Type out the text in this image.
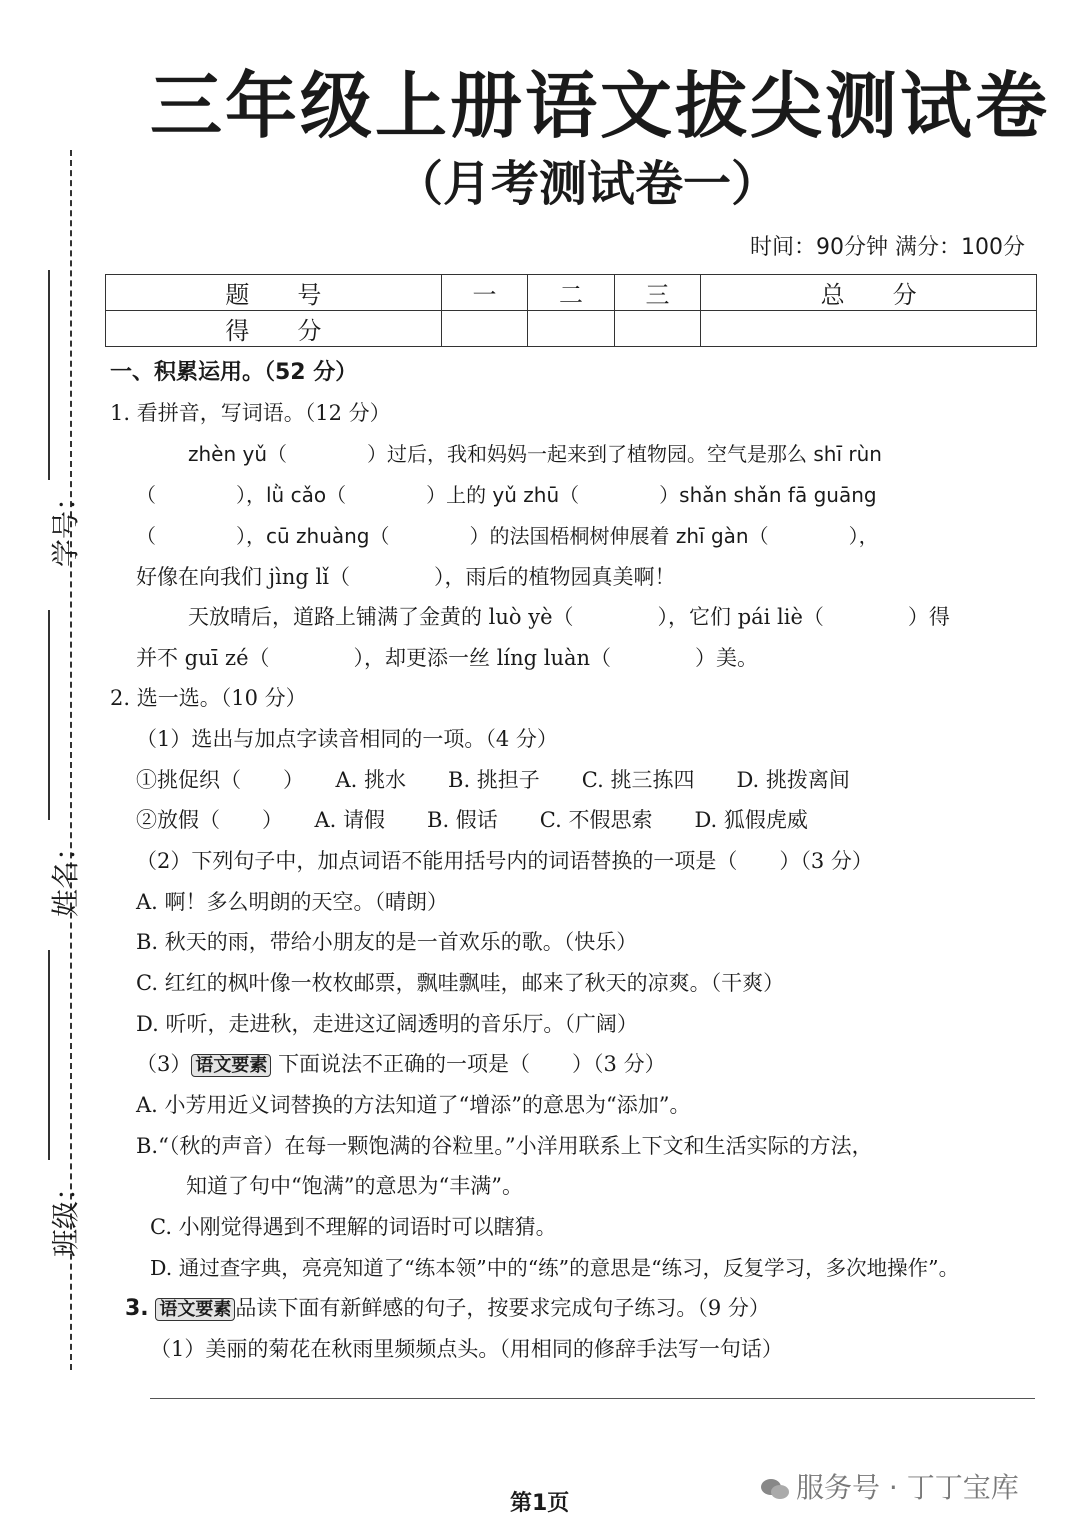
三年级上册语文拔尖测试卷
（月考测试卷一）
时间：90分钟 满分：100分
学号：
姓名：
班级：
题　　号	一	二	三	总　　分
得　　分				
一、积累运用。（52 分）
1. 看拼音，写词语。（12 分）
zhèn yǔ（　　　　）过后，我和妈妈一起来到了植物园。空气是那么 shī rùn
（　　　　），lǜ cǎo（　　　　）上的 yǔ zhū（　　　　）shǎn shǎn fā guāng
（　　　　），cū zhuàng（　　　　）的法国梧桐树伸展着 zhī gàn（　　　　），
好像在向我们 jìng lǐ（　　　　），雨后的植物园真美啊！
天放晴后，道路上铺满了金黄的 luò yè（　　　　），它们 pái liè（　　　　）得
并不 guī zé（　　　　），却更添一丝 líng luàn（　　　　）美。
2. 选一选。（10 分）
（1）选出与加点字读音相同的一项。（4 分）
①挑促织（　　）　　A. 挑水　　B. 挑担子　　C. 挑三拣四　　D. 挑拨离间
②放假（　　）　　A. 请假　　B. 假话　　C. 不假思索　　D. 狐假虎威
（2）下列句子中，加点词语不能用括号内的词语替换的一项是（　　）（3 分）
A. 啊！多么明朗的天空。（晴朗）
B. 秋天的雨，带给小朋友的是一首欢乐的歌。（快乐）
C. 红红的枫叶像一枚枚邮票，飘哇飘哇，邮来了秋天的凉爽。（干爽）
D. 听听，走进秋，走进这辽阔透明的音乐厅。（广阔）
（3） 语文要素 下面说法不正确的一项是（　　）（3 分）
A. 小芳用近义词替换的方法知道了“增添”的意思为“添加”。
B.“（秋的声音）在每一颗饱满的谷粒里。”小洋用联系上下文和生活实际的方法，
知道了句中“饱满”的意思为“丰满”。
C. 小刚觉得遇到不理解的词语时可以瞎猜。
D. 通过查字典，亮亮知道了“练本领”中的“练”的意思是“练习，反复学习，多次地操作”。
3. 语文要素 品读下面有新鲜感的句子，按要求完成句子练习。（9 分）
（1）美丽的菊花在秋雨里频频点头。（用相同的修辞手法写一句话）
第1页	服务号 · 丁丁宝库
